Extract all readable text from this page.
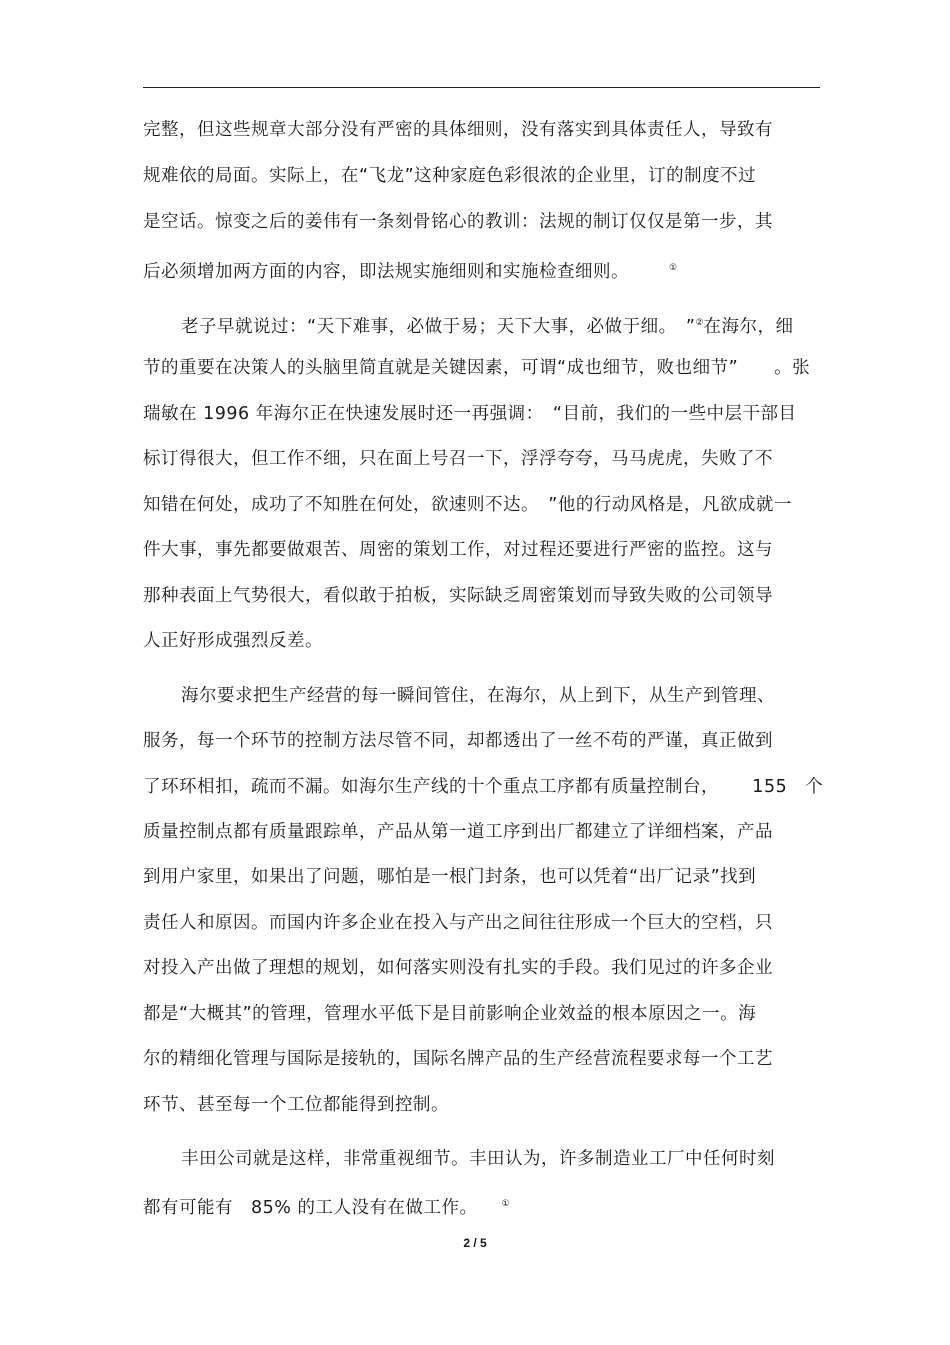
完整，但这些规章大部分没有严密的具体细则，没有落实到具体责任人，导致有
规难依的局面。实际上，在“飞龙”这种家庭色彩很浓的企业里，订的制度不过
是空话。惊变之后的姜伟有一条刻骨铭心的教训：法规的制订仅仅是第一步，其
后必须增加两方面的内容，即法规实施细则和实施检查细则。	①
老子早就说过：“天下难事，必做于易；天下大事，必做于细。　”②在海尔，细
节的重要在决策人的头脑里简直就是关键因素，可谓“成也细节，败也细节”　　。张
瑞敏在 1996 年海尔正在快速发展时还一再强调：　“目前，我们的一些中层干部目
标订得很大，但工作不细，只在面上号召一下，浮浮夸夸，马马虎虎，失败了不
知错在何处，成功了不知胜在何处，欲速则不达。　”他的行动风格是，凡欲成就一
件大事，事先都要做艰苦、周密的策划工作，对过程还要进行严密的监控。这与
那种表面上气势很大，看似敢于拍板，实际缺乏周密策划而导致失败的公司领导
人正好形成强烈反差。
海尔要求把生产经营的每一瞬间管住，在海尔，从上到下，从生产到管理、
服务，每一个环节的控制方法尽管不同，却都透出了一丝不苟的严谨，真正做到
了环环相扣，疏而不漏。如海尔生产线的十个重点工序都有质量控制台，　　 155　个
质量控制点都有质量跟踪单，产品从第一道工序到出厂都建立了详细档案，产品
到用户家里，如果出了问题，哪怕是一根门封条，也可以凭着“出厂记录”找到
责任人和原因。而国内许多企业在投入与产出之间往往形成一个巨大的空档，只
对投入产出做了理想的规划，如何落实则没有扎实的手段。我们见过的许多企业
都是“大概其”的管理，管理水平低下是目前影响企业效益的根本原因之一。海
尔的精细化管理与国际是接轨的，国际名牌产品的生产经营流程要求每一个工艺
环节、甚至每一个工位都能得到控制。
丰田公司就是这样，非常重视细节。丰田认为，许多制造业工厂中任何时刻
都有可能有　85% 的工人没有在做工作。	①
2 / 5
